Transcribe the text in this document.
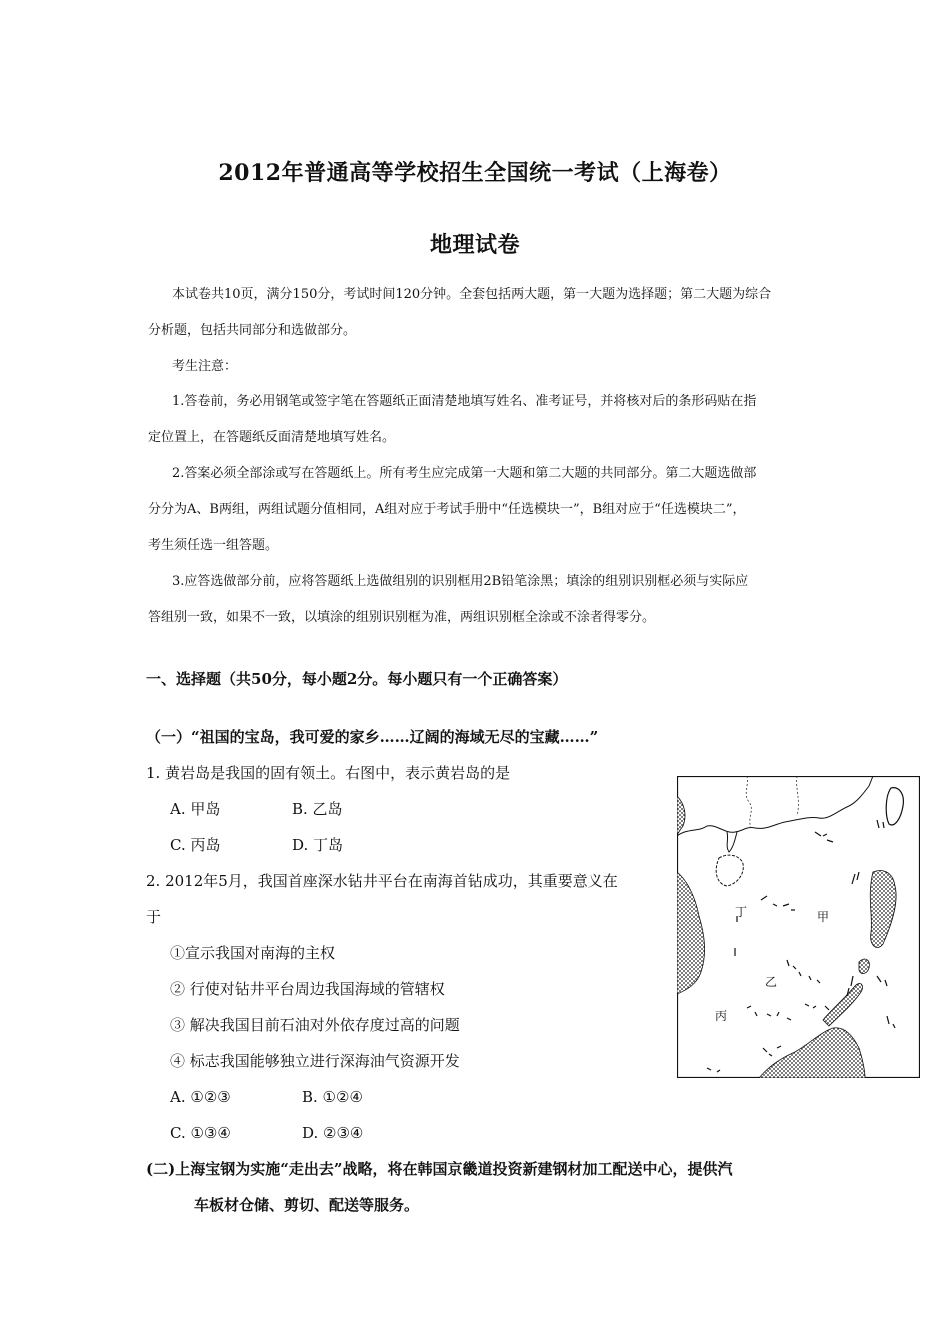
2012年普通高等学校招生全国统一考试（上海卷）
地理试卷
本试卷共10页，满分150分，考试时间120分钟。全套包括两大题，第一大题为选择题；第二大题为综合
分析题，包括共同部分和选做部分。
考生注意：
1.答卷前，务必用钢笔或签字笔在答题纸正面清楚地填写姓名、准考证号，并将核对后的条形码贴在指
定位置上，在答题纸反面清楚地填写姓名。
2.答案必须全部涂或写在答题纸上。所有考生应完成第一大题和第二大题的共同部分。第二大题选做部
分分为A、B两组，两组试题分值相同，A组对应于考试手册中“任选模块一”，B组对应于“任选模块二”，
考生须任选一组答题。
3.应答选做部分前，应将答题纸上选做组别的识别框用2B铅笔涂黑；填涂的组别识别框必须与实际应
答组别一致，如果不一致，以填涂的组别识别框为准，两组识别框全涂或不涂者得零分。
一、选择题（共50分，每小题2分。每小题只有一个正确答案）
（一）“祖国的宝岛，我可爱的家乡……辽阔的海域无尽的宝藏……”
1. 黄岩岛是我国的固有领土。右图中，表示黄岩岛的是
A. 甲岛	B. 乙岛
C. 丙岛	D. 丁岛
2. 2012年5月，我国首座深水钻井平台在南海首钻成功，其重要意义在
于
①宣示我国对南海的主权
② 行使对钻井平台周边我国海域的管辖权
③ 解决我国目前石油对外依存度过高的问题
④ 标志我国能够独立进行深海油气资源开发
A. ①②③	B. ①②④
C. ①③④	D. ②③④
(二)上海宝钢为实施“走出去”战略，将在韩国京畿道投资新建钢材加工配送中心，提供汽
车板材仓储、剪切、配送等服务。
丁	甲
乙
丙
